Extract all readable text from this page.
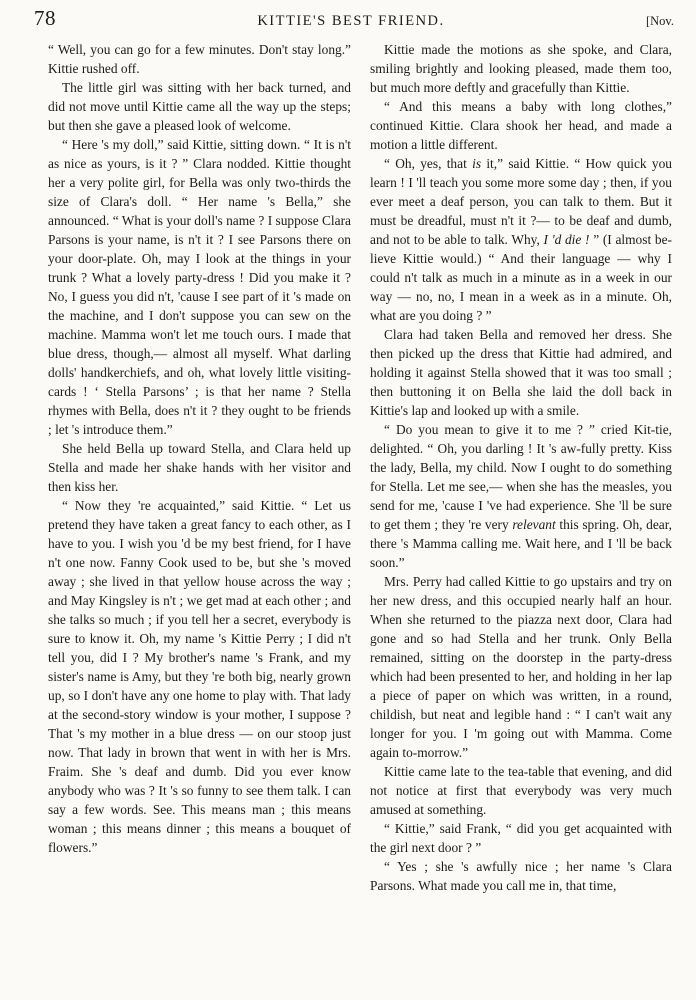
78	KITTIE'S BEST FRIEND.	[Nov.

“ Well, you can go for a few minutes. Don't stay long.” Kittie rushed off.

The little girl was sitting with her back turned, and did not move until Kittie came all the way up the steps; but then she gave a pleased look of welcome.

“ Here 's my doll,” said Kittie, sitting down. “ It is n't as nice as yours, is it ? ” Clara nodded. Kittie thought her a very polite girl, for Bella was only two-thirds the size of Clara's doll. “ Her name 's Bella,” she announced. “ What is your doll's name ? I suppose Clara Parsons is your name, is n't it ? I see Parsons there on your door-plate. Oh, may I look at the things in your trunk ? What a lovely party-dress ! Did you make it ? No, I guess you did n't, 'cause I see part of it 's made on the machine, and I don't suppose you can sew on the machine. Mamma won't let me touch ours. I made that blue dress, though,— almost all myself. What darling dolls' handkerchiefs, and oh, what lovely little visiting-cards ! ‘ Stella Parsons’ ; is that her name ? Stella rhymes with Bella, does n't it ? they ought to be friends ; let 's introduce them.”

She held Bella up toward Stella, and Clara held up Stella and made her shake hands with her visitor and then kiss her.

“ Now they 're acquainted,” said Kittie. “ Let us pretend they have taken a great fancy to each other, as I have to you. I wish you 'd be my best friend, for I have n't one now. Fanny Cook used to be, but she 's moved away ; she lived in that yellow house across the way ; and May Kingsley is n't ; we get mad at each other ; and she talks so much ; if you tell her a secret, everybody is sure to know it. Oh, my name 's Kittie Perry ; I did n't tell you, did I ? My brother's name 's Frank, and my sister's name is Amy, but they 're both big, nearly grown up, so I don't have any one home to play with. That lady at the second-story window is your mother, I suppose ? That 's my mother in a blue dress — on our stoop just now. That lady in brown that went in with her is Mrs. Fraim. She 's deaf and dumb. Did you ever know anybody who was ? It 's so funny to see them talk. I can say a few words. See. This means man ; this means woman ; this means dinner ; this means a bouquet of flowers.”

Kittie made the motions as she spoke, and Clara, smiling brightly and looking pleased, made them too, but much more deftly and gracefully than Kittie.

“ And this means a baby with long clothes,” continued Kittie. Clara shook her head, and made a motion a little different.

“ Oh, yes, that is it,” said Kittie. “ How quick you learn ! I 'll teach you some more some day ; then, if you ever meet a deaf person, you can talk to them. But it must be dreadful, must n't it ?— to be deaf and dumb, and not to be able to talk. Why, I 'd die ! ” (I almost be-lieve Kittie would.) “ And their language — why I could n't talk as much in a minute as in a week in our way — no, no, I mean in a week as in a minute. Oh, what are you doing ? ”

Clara had taken Bella and removed her dress. She then picked up the dress that Kittie had admired, and holding it against Stella showed that it was too small ; then buttoning it on Bella she laid the doll back in Kittie's lap and looked up with a smile.

“ Do you mean to give it to me ? ” cried Kit-tie, delighted. “ Oh, you darling ! It 's aw-fully pretty. Kiss the lady, Bella, my child. Now I ought to do something for Stella. Let me see,— when she has the measles, you send for me, 'cause I 've had experience. She 'll be sure to get them ; they 're very relevant this spring. Oh, dear, there 's Mamma calling me. Wait here, and I 'll be back soon.”

Mrs. Perry had called Kittie to go upstairs and try on her new dress, and this occupied nearly half an hour. When she returned to the piazza next door, Clara had gone and so had Stella and her trunk. Only Bella remained, sitting on the doorstep in the party-dress which had been presented to her, and holding in her lap a piece of paper on which was written, in a round, childish, but neat and legible hand : “ I can't wait any longer for you. I 'm going out with Mamma. Come again to-morrow.”

Kittie came late to the tea-table that evening, and did not notice at first that everybody was very much amused at something.

“ Kittie,” said Frank, “ did you get acquainted with the girl next door ? ”

“ Yes ; she 's awfully nice ; her name 's Clara Parsons. What made you call me in, that time,
